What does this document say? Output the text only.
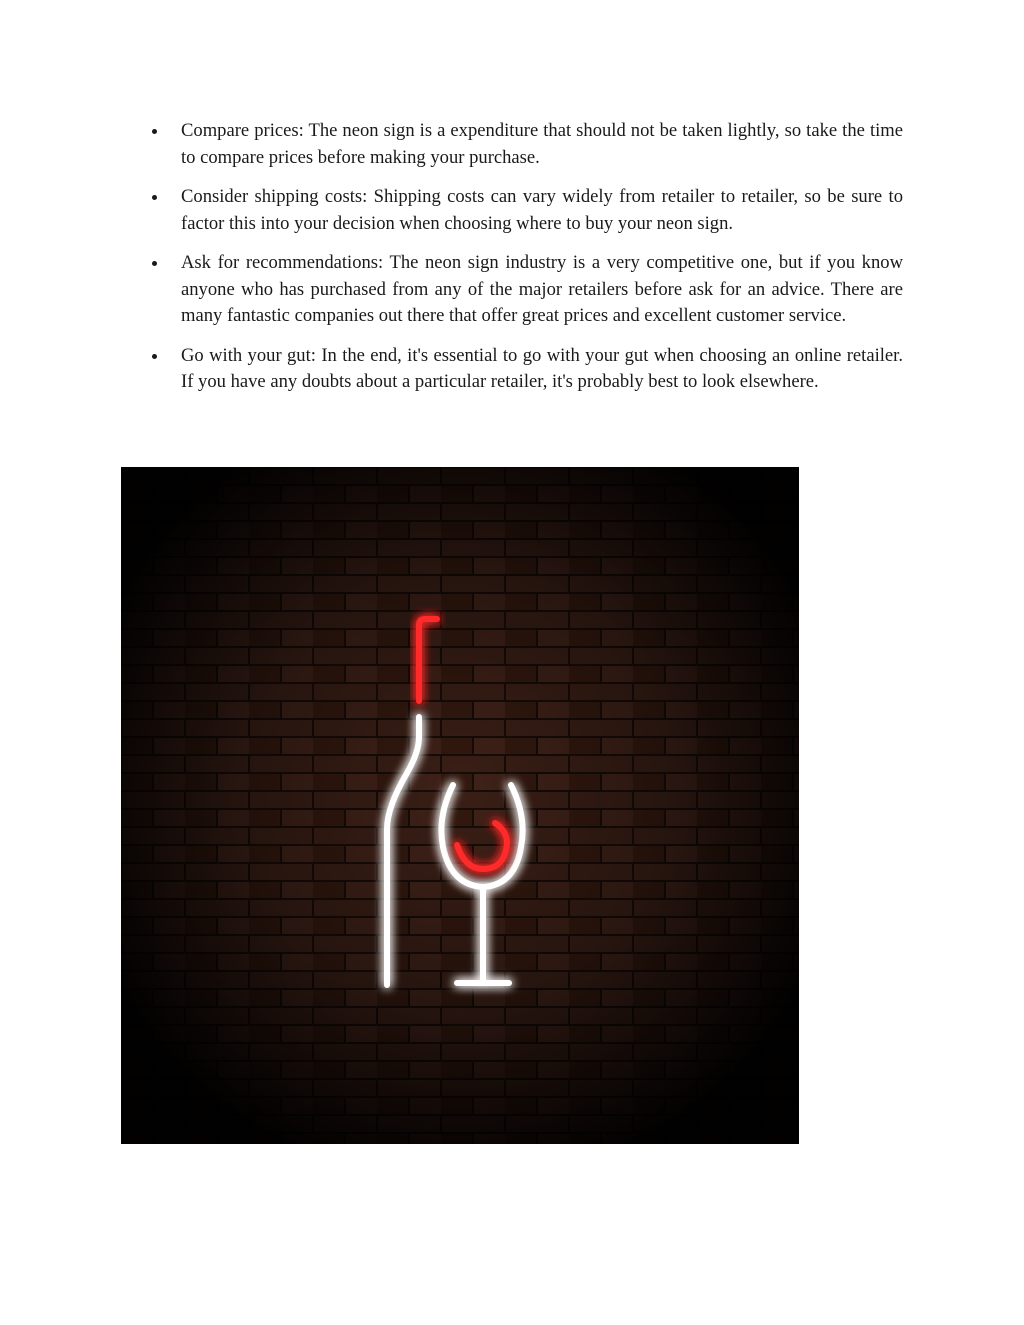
Compare prices: The neon sign is a expenditure that should not be taken lightly, so take the time to compare prices before making your purchase.
Consider shipping costs: Shipping costs can vary widely from retailer to retailer, so be sure to factor this into your decision when choosing where to buy your neon sign.
Ask for recommendations: The neon sign industry is a very competitive one, but if you know anyone who has purchased from any of the major retailers before ask for an advice. There are many fantastic companies out there that offer great prices and excellent customer service.
Go with your gut: In the end, it's essential to go with your gut when choosing an online retailer. If you have any doubts about a particular retailer, it's probably best to look elsewhere.
